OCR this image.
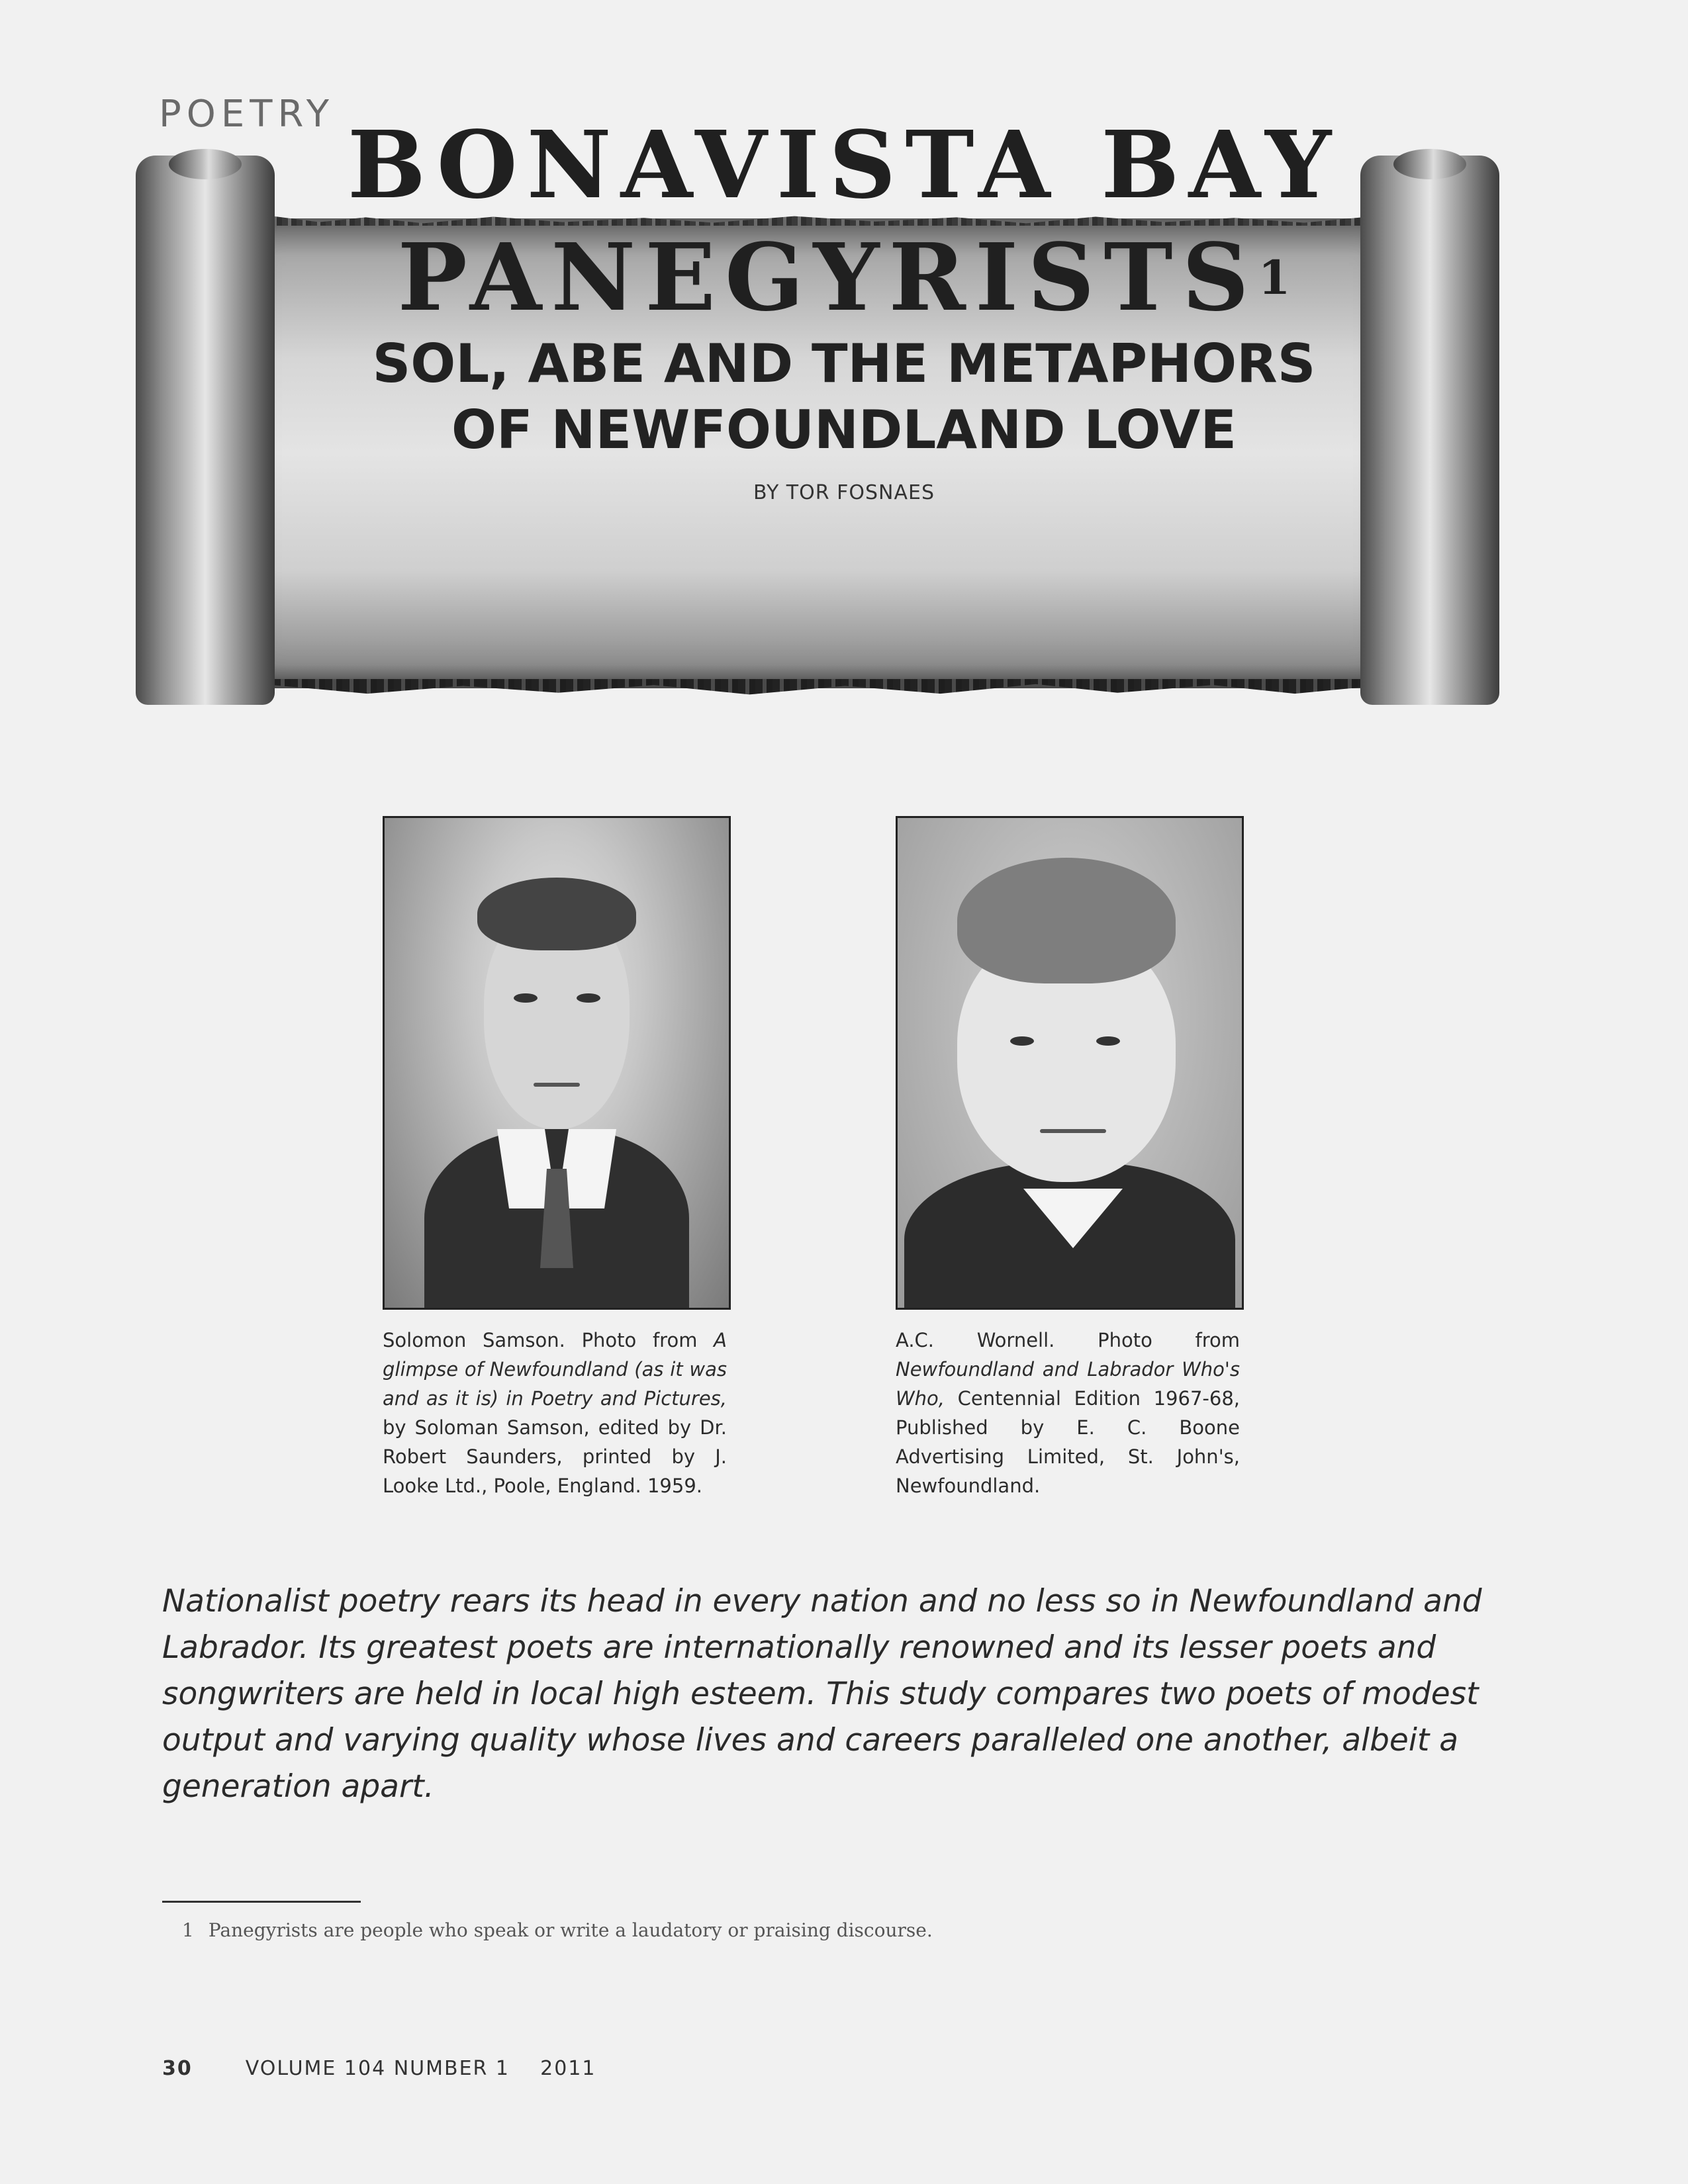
POETRY BONAVISTA BAY
PANEGYRISTS$^1$
SOL, ABE AND THE METAPHORS
OF NEWFOUNDLAND LOVE
BY TOR FOSNAES
Solomon Samson. Photo from A glimpse of Newfoundland (as it was and as it is) in Poetry and Pictures, by Soloman Samson, edited by Dr. Robert Saunders, printed by J. Looke Ltd., Poole, England. 1959.
A.C. Wornell. Photo from Newfoundland and Labrador Who's Who, Centennial Edition 1967-68, Published by E. C. Boone Advertising Limited, St. John's, Newfoundland.
Nationalist poetry rears its head in every nation and no less so in Newfoundland and Labrador. Its greatest poets are internationally renowned and its lesser poets and songwriters are held in local high esteem. This study compares two poets of modest output and varying quality whose lives and careers paralleled one another, albeit a generation apart.
1 Panegyrists are people who speak or write a laudatory or praising discourse.
30	VOLUME 104 NUMBER 1 2011
